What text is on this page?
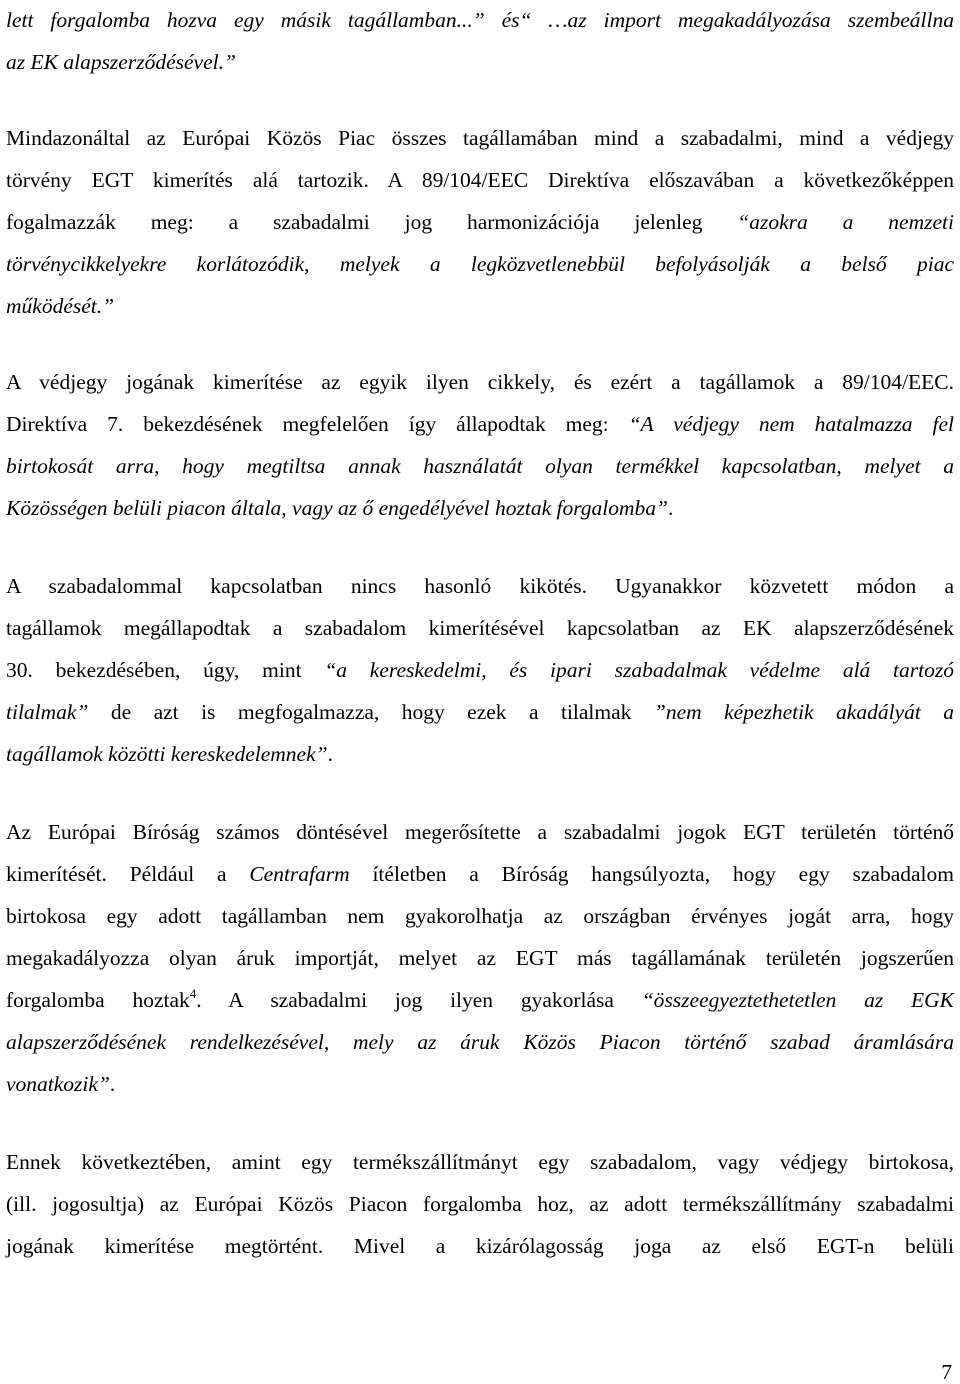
lett forgalomba hozva egy másik tagállamban...” és“ …az import megakadályozása szembeállna
az EK alapszerződésével.”
Mindazonáltal az Európai Közös Piac összes tagállamában mind a szabadalmi, mind a védjegy
törvény EGT kimerítés alá tartozik. A 89/104/EEC Direktíva előszavában a következőképpen
fogalmazzák meg: a szabadalmi jog harmonizációja jelenleg “azokra a nemzeti
törvénycikkelyekre korlátozódik, melyek a legközvetlenebbül befolyásolják a belső piac
működését.”
A védjegy jogának kimerítése az egyik ilyen cikkely, és ezért a tagállamok a 89/104/EEC.
Direktíva 7. bekezdésének megfelelően így állapodtak meg: “A védjegy nem hatalmazza fel
birtokosát arra, hogy megtiltsa annak használatát olyan termékkel kapcsolatban, melyet a
Közösségen belüli piacon általa, vagy az ő engedélyével hoztak forgalomba”.
A szabadalommal kapcsolatban nincs hasonló kikötés. Ugyanakkor közvetett módon a
tagállamok megállapodtak a szabadalom kimerítésével kapcsolatban az EK alapszerződésének
30. bekezdésében, úgy, mint “a kereskedelmi, és ipari szabadalmak védelme alá tartozó
tilalmak” de azt is megfogalmazza, hogy ezek a tilalmak ”nem képezhetik akadályát a
tagállamok közötti kereskedelemnek”.
Az Európai Bíróság számos döntésével megerősítette a szabadalmi jogok EGT területén történő
kimerítését. Például a Centrafarm ítéletben a Bíróság hangsúlyozta, hogy egy szabadalom
birtokosa egy adott tagállamban nem gyakorolhatja az országban érvényes jogát arra, hogy
megakadályozza olyan áruk importját, melyet az EGT más tagállamának területén jogszerűen
forgalomba hoztak$^4$. A szabadalmi jog ilyen gyakorlása “összeegyeztethetetlen az EGK
alapszerződésének rendelkezésével, mely az áruk Közös Piacon történő szabad áramlására
vonatkozik”.
Ennek következtében, amint egy termékszállítmányt egy szabadalom, vagy védjegy birtokosa,
(ill. jogosultja) az Európai Közös Piacon forgalomba hoz, az adott termékszállítmány szabadalmi
jogának kimerítése megtörtént. Mivel a kizárólagosság joga az első EGT-n belüli
7
